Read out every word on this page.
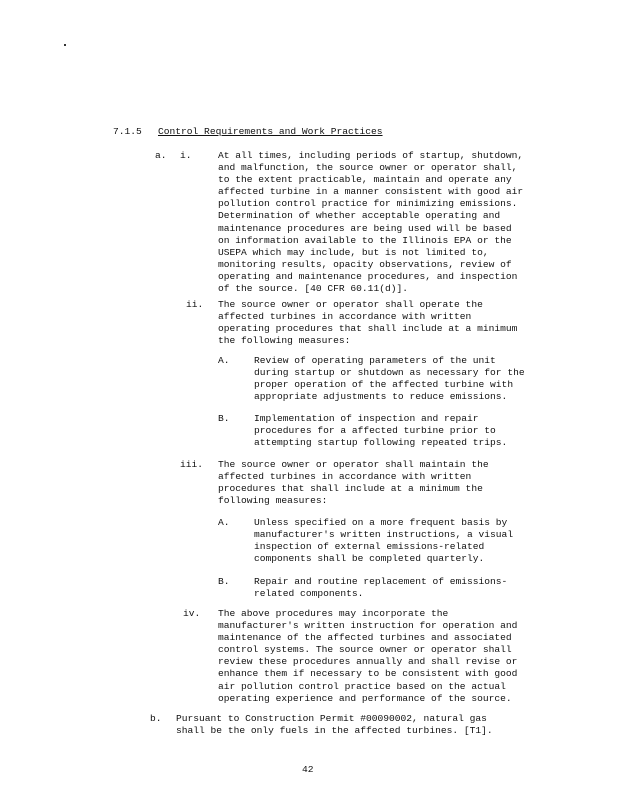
7.1.5 Control Requirements and Work Practices
a. i.	At all times, including periods of startup, shutdown,
and malfunction, the source owner or operator shall,
to the extent practicable, maintain and operate any
affected turbine in a manner consistent with good air
pollution control practice for minimizing emissions.
Determination of whether acceptable operating and
maintenance procedures are being used will be based
on information available to the Illinois EPA or the
USEPA which may include, but is not limited to,
monitoring results, opacity observations, review of
operating and maintenance procedures, and inspection
of the source. [40 CFR 60.11(d)].
ii. The source owner or operator shall operate the
affected turbines in accordance with written
operating procedures that shall include at a minimum
the following measures:
A.	Review of operating parameters of the unit
during startup or shutdown as necessary for the
proper operation of the affected turbine with
appropriate adjustments to reduce emissions.
B.	Implementation of inspection and repair
procedures for a affected turbine prior to
attempting startup following repeated trips.
iii. The source owner or operator shall maintain the
affected turbines in accordance with written
procedures that shall include at a minimum the
following measures:
A.	Unless specified on a more frequent basis by
manufacturer's written instructions, a visual
inspection of external emissions-related
components shall be completed quarterly.
B.	Repair and routine replacement of emissions-
related components.
iv. The above procedures may incorporate the
manufacturer's written instruction for operation and
maintenance of the affected turbines and associated
control systems. The source owner or operator shall
review these procedures annually and shall revise or
enhance them if necessary to be consistent with good
air pollution control practice based on the actual
operating experience and performance of the source.
b. Pursuant to Construction Permit #00090002, natural gas
shall be the only fuels in the affected turbines. [T1].
42
